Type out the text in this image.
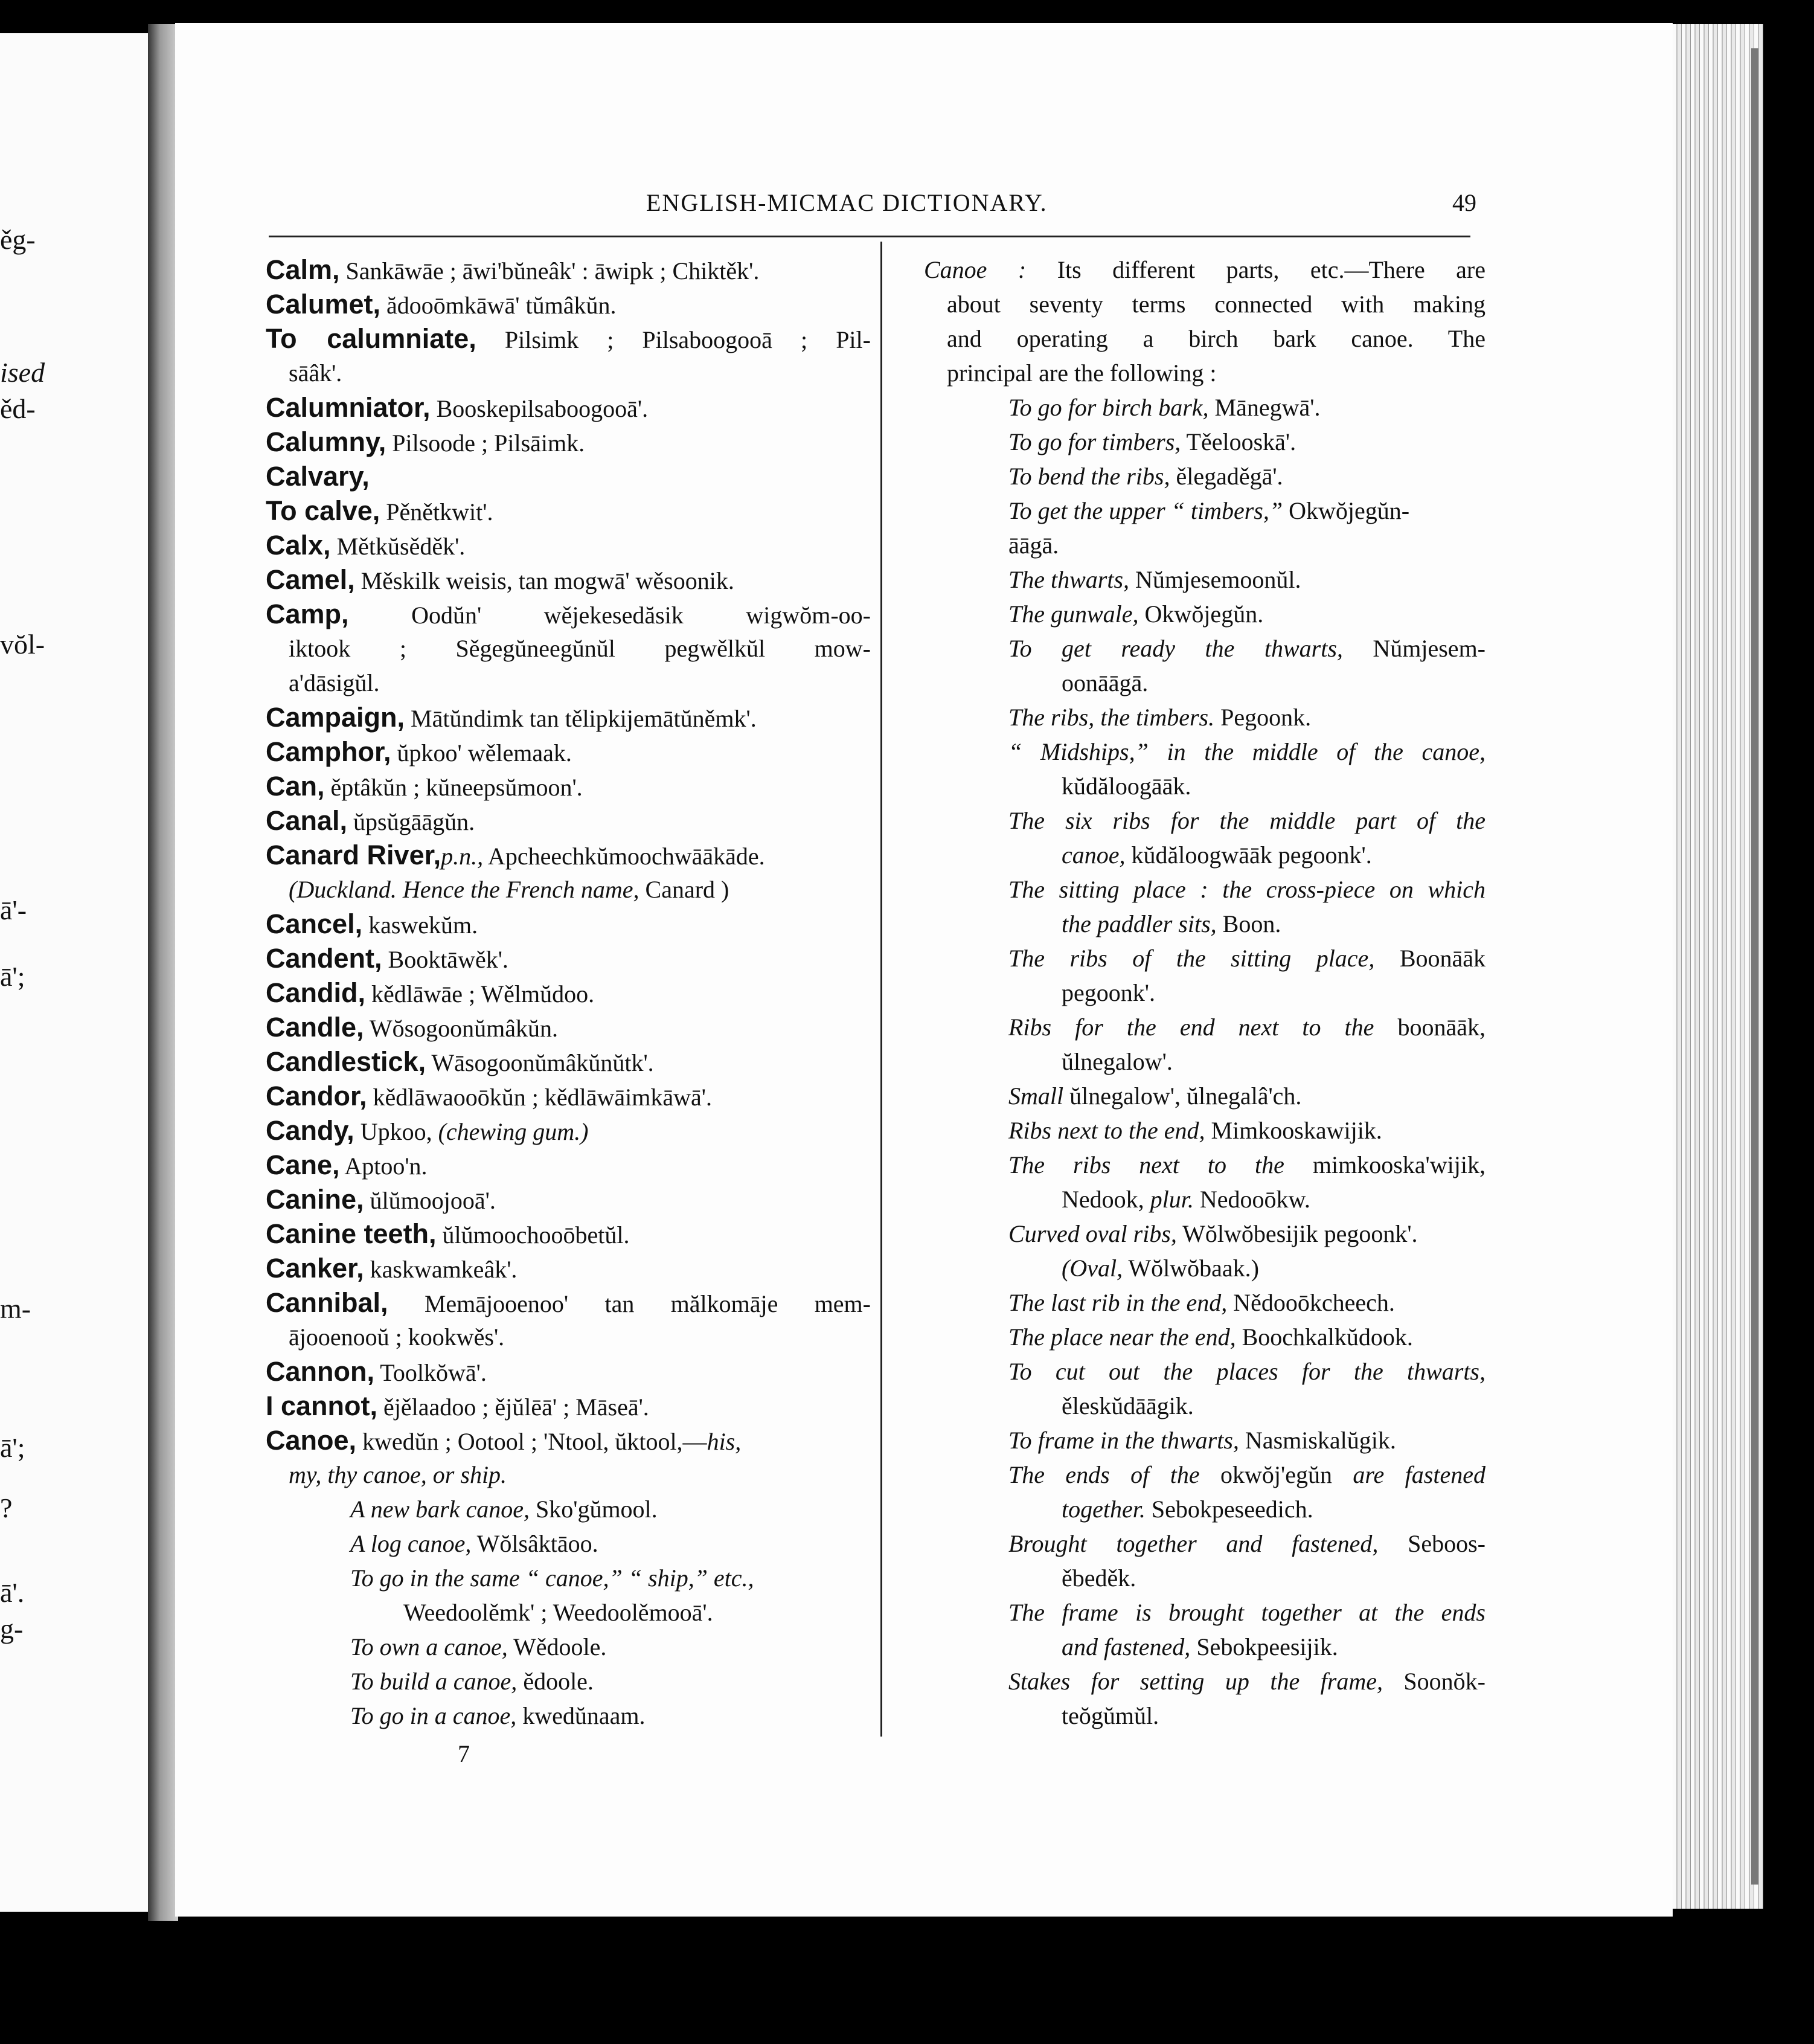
ěg-
ised
ěd-
vŏl-
ā'-
ā';
m-
ā';
?
ā'.
g-
ENGLISH-MICMAC DICTIONARY.	49
Calm, Sankāwāe ; āwi'bŭneâk' : āwipk ; Chiktěk'.
Calumet, ădooōmkāwā' tŭmâkŭn.
To calumniate, Pilsimk ; Pilsaboogooā ; Pil-
sāâk'.
Calumniator, Booskepilsaboogooā'.
Calumny, Pilsoode ; Pilsāimk.
Calvary,
To calve, Pěnětkwit'.
Calx, Mětkŭsěděk'.
Camel, Měskilk weisis, tan mogwā' wěsoonik.
Camp, Oodŭn' wějekesedăsik wigwŏm-oo-
iktook ; Sěgegŭneegŭnŭl pegwělkŭl mow-
a'dāsigŭl.
Campaign, Mātŭndimk tan tělipkijemātŭněmk'.
Camphor, ŭpkoo' wělemaak.
Can, ěptâkŭn ; kŭneepsŭmoon'.
Canal, ŭpsŭgāāgŭn.
Canard River,p.n., Apcheechkŭmoochwāākāde.
(Duckland. Hence the French name, Canard )
Cancel, kaswekŭm.
Candent, Booktāwěk'.
Candid, kědlāwāe ; Wělmŭdoo.
Candle, Wŏsogoonŭmâkŭn.
Candlestick, Wāsogoonŭmâkŭnŭtk'.
Candor, kědlāwaooōkŭn ; kědlāwāimkāwā'.
Candy, Upkoo, (chewing gum.)
Cane, Aptoo'n.
Canine, ŭlŭmoojooā'.
Canine teeth, ŭlŭmoochooōbetŭl.
Canker, kaskwamkeâk'.
Cannibal, Memājooenoo' tan mălkomāje mem-
ājooenooŭ ; kookwěs'.
Cannon, Toolkŏwā'.
I cannot, ějělaadoo ; ějŭlēā' ; Māseā'.
Canoe, kwedŭn ; Ootool ; 'Ntool, ŭktool,—his,
my, thy canoe, or ship.
A new bark canoe, Sko'gŭmool.
A log canoe, Wŏlsâktāoo.
To go in the same “ canoe,” “ ship,” etc.,
Weedoolěmk' ; Weedoolěmooā'.
To own a canoe, Wědoole.
To build a canoe, ědoole.
To go in a canoe, kwedŭnaam.
Canoe : Its different parts, etc.—There are
about seventy terms connected with making
and operating a birch bark canoe. The
principal are the following :
To go for birch bark, Mānegwā'.
To go for timbers, Těelooskā'.
To bend the ribs, ělegaděgā'.
To get the upper “ timbers,” Okwŏjegŭn-
āāgā.
The thwarts, Nŭmjesemoonŭl.
The gunwale, Okwŏjegŭn.
To get ready the thwarts, Nŭmjesem-
oonāāgā.
The ribs, the timbers. Pegoonk.
“ Midships,” in the middle of the canoe,
kŭdăloogāāk.
The six ribs for the middle part of the
canoe, kŭdăloogwāāk pegoonk'.
The sitting place : the cross-piece on which
the paddler sits, Boon.
The ribs of the sitting place, Boonāāk
pegoonk'.
Ribs for the end next to the boonāāk,
ŭlnegalow'.
Small ŭlnegalow', ŭlnegalâ'ch.
Ribs next to the end, Mimkooskawijik.
The ribs next to the mimkooska'wijik,
Nedook, plur. Nedooōkw.
Curved oval ribs, Wŏlwŏbesijik pegoonk'.
(Oval, Wŏlwŏbaak.)
The last rib in the end, Nědooōkcheech.
The place near the end, Boochkalkŭdook.
To cut out the places for the thwarts,
ěleskŭdāāgik.
To frame in the thwarts, Nasmiskalŭgik.
The ends of the okwŏj'egŭn are fastened
together. Sebokpeseedich.
Brought together and fastened, Seboos-
ěbeděk.
The frame is brought together at the ends
and fastened, Sebokpeesijik.
Stakes for setting up the frame, Soonŏk-
teŏgŭmŭl.
7
